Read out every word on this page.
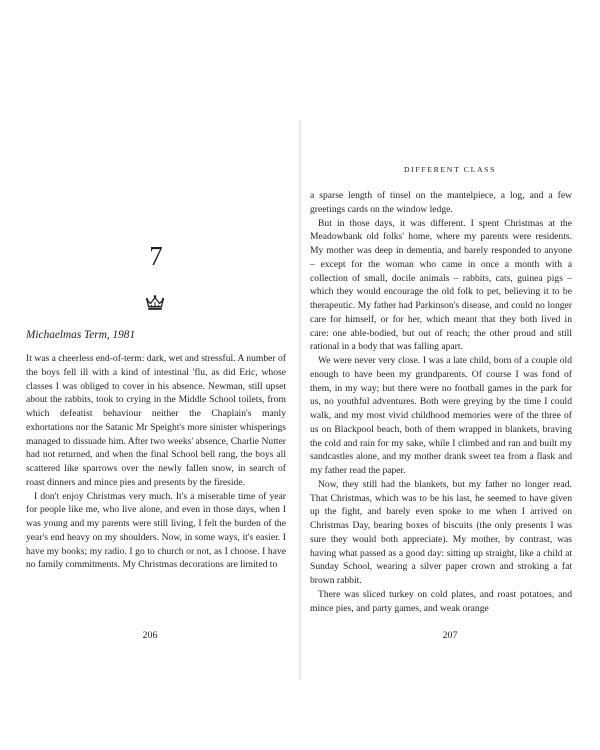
7
Michaelmas Term, 1981

It was a cheerless end-of-term: dark, wet and stressful. A number of the boys fell ill with a kind of intestinal 'flu, as did Eric, whose classes I was obliged to cover in his absence. Newman, still upset about the rabbits, took to crying in the Middle School toilets, from which defeatist behaviour neither the Chaplain's manly exhortations nor the Satanic Mr Speight's more sinister whisperings managed to dissuade him. After two weeks' absence, Charlie Nutter had not returned, and when the final School bell rang, the boys all scattered like sparrows over the newly fallen snow, in search of roast dinners and mince pies and presents by the fireside.

I don't enjoy Christmas very much. It's a miserable time of year for people like me, who live alone, and even in those days, when I was young and my parents were still living, I felt the burden of the year's end heavy on my shoulders. Now, in some ways, it's easier. I have my books; my radio. I go to church or not, as I choose. I have no family commitments. My Christmas decorations are limited to

206
DIFFERENT CLASS

a sparse length of tinsel on the mantelpiece, a log, and a few greetings cards on the window ledge.

But in those days, it was different. I spent Christmas at the Meadowbank old folks' home, where my parents were residents. My mother was deep in dementia, and barely responded to anyone – except for the woman who came in once a month with a collection of small, docile animals – rabbits, cats, guinea pigs – which they would encourage the old folk to pet, believing it to be therapeutic. My father had Parkinson's disease, and could no longer care for himself, or for her, which meant that they both lived in care: one able-bodied, but out of reach; the other proud and still rational in a body that was falling apart.

We were never very close. I was a late child, born of a couple old enough to have been my grandparents. Of course I was fond of them, in my way; but there were no football games in the park for us, no youthful adventures. Both were greying by the time I could walk, and my most vivid childhood memories were of the three of us on Blackpool beach, both of them wrapped in blankets, braving the cold and rain for my sake, while I climbed and ran and built my sandcastles alone, and my mother drank sweet tea from a flask and my father read the paper.

Now, they still had the blankets, but my father no longer read. That Christmas, which was to be his last, he seemed to have given up the fight, and barely even spoke to me when I arrived on Christmas Day, bearing boxes of biscuits (the only presents I was sure they would both appreciate). My mother, by contrast, was having what passed as a good day: sitting up straight, like a child at Sunday School, wearing a silver paper crown and stroking a fat brown rabbit.

There was sliced turkey on cold plates, and roast potatoes, and mince pies, and party games, and weak orange

207
